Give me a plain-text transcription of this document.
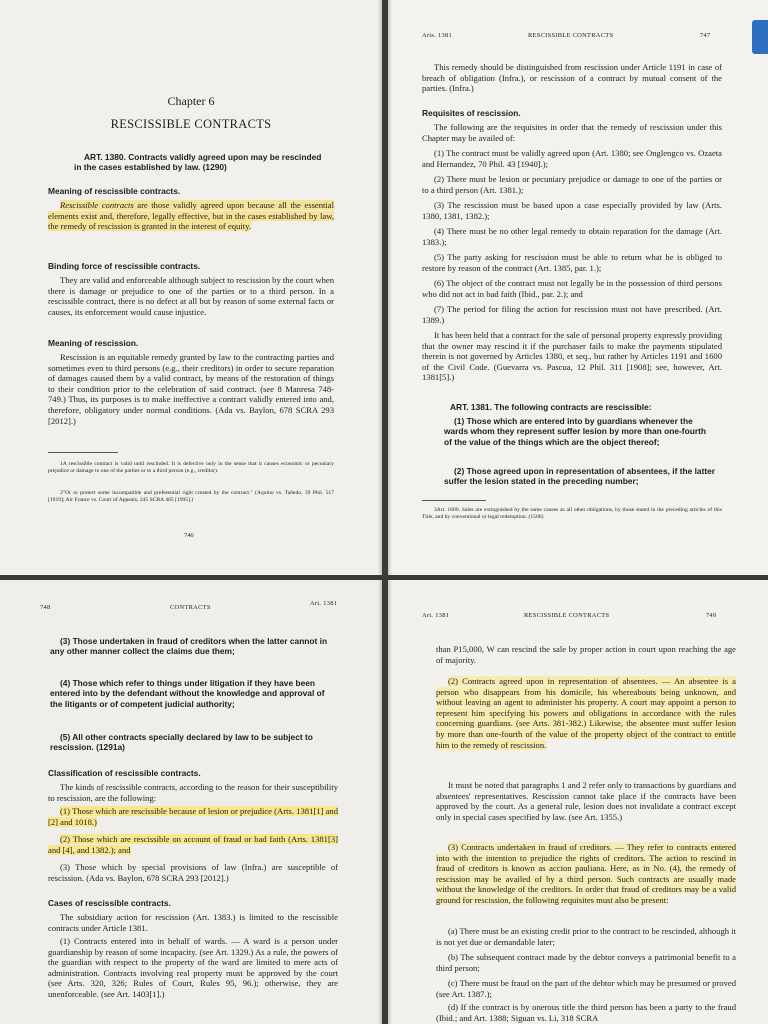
Chapter 6

RESCISSIBLE CONTRACTS

ART. 1380. Contracts validly agreed upon may be rescinded in the cases established by law. (1290)

Meaning of rescissible contracts.

Rescissible contracts are those validly agreed upon because all the essential elements exist and, therefore, legally effective, but in the cases established by law, the remedy of rescission is granted in the interest of equity.

Binding force of rescissible contracts.

They are valid and enforceable although subject to rescission by the court when there is damage or prejudice to one of the parties or to a third person. In a rescissible contract, there is no defect at all but by reason of some external facts or causes, its enforcement would cause injustice.

Meaning of rescission.

Rescission is an equitable remedy granted by law to the contracting parties and sometimes even to third persons (e.g., their creditors) in order to secure reparation of damages caused them by a valid contract, by means of the restoration of things to their condition prior to the celebration of said contract. (see 8 Manresa 748-749.) Thus, its purposes is to make ineffective a contract validly entered into and, therefore, obligatory under normal conditions. (Ada vs. Baylon, 678 SCRA 293 [2012].)

1A rescissible contract is valid until rescinded. It is defective only in the sense that it causes economic or pecuniary prejudice or damage to one of the parties or to a third person (e.g., creditor).

2"Or to protect some incompatible and preferential right created by the contract." (Aquino vs. Tañedo, 39 Phil. 517 [1919]; Air France vs. Court of Appeals, 245 SCRA 485 [1995].)

746

Arts. 1381	RESCISSIBLE CONTRACTS	747

This remedy should be distinguished from rescission under Article 1191 in case of breach of obligation (Infra.), or rescission of a contract by mutual consent of the parties. (Infra.)

Requisites of rescission.

The following are the requisites in order that the remedy of rescission under this Chapter may be availed of:

(1) The contract must be validly agreed upon (Art. 1380; see Onglengco vs. Ozaeta and Hernandez, 70 Phil. 43 [1940].);

(2) There must be lesion or pecuniary prejudice or damage to one of the parties or to a third person (Art. 1381.);

(3) The rescission must be based upon a case especially provided by law (Arts. 1380, 1381, 1382.);

(4) There must be no other legal remedy to obtain reparation for the damage (Art. 1383.);

(5) The party asking for rescission must be able to return what he is obliged to restore by reason of the contract (Art. 1385, par. 1.);

(6) The object of the contract must not legally be in the possession of third persons who did not act in bad faith (Ibid., par. 2.); and

(7) The period for filing the action for rescission must not have prescribed. (Art. 1389.)

It has been held that a contract for the sale of personal property expressly providing that the owner may rescind it if the purchaser fails to make the payments stipulated therein is not governed by Articles 1380, et seq., but rather by Articles 1191 and 1600 of the Civil Code. (Guevarra vs. Pascua, 12 Phil. 311 [1908]; see, however, Art. 1381[5].)

ART. 1381. The following contracts are rescissible:

(1) Those which are entered into by guardians whenever the wards whom they represent suffer lesion by more than one-fourth of the value of the things which are the object thereof;

(2) Those agreed upon in representation of absentees, if the latter suffer the lesion stated in the preceding number;

3Art. 1600. Sales are extinguished by the same causes as all other obligations, by those stated in the preceding articles of this Title, and by conventional or legal redemption. (1506)

748	CONTRACTS

Art. 1381

(3) Those undertaken in fraud of creditors when the latter cannot in any other manner collect the claims due them;

(4) Those which refer to things under litigation if they have been entered into by the defendant without the knowledge and approval of the litigants or of competent judicial authority;

(5) All other contracts specially declared by law to be subject to rescission. (1291a)

Classification of rescissible contracts.

The kinds of rescissible contracts, according to the reason for their susceptibility to rescission, are the following:

(1) Those which are rescissible because of lesion or prejudice (Arts. 1381[1] and [2] and 1018.)

(2) Those which are rescissible on account of fraud or bad faith (Arts. 1381[3] and [4], and 1382.); and

(3) Those which by special provisions of law (Infra.) are susceptible of rescission. (Ada vs. Baylon, 678 SCRA 293 [2012].)

Cases of rescissible contracts.

The subsidiary action for rescission (Art. 1383.) is limited to the rescissible contracts under Article 1381.

(1) Contracts entered into in behalf of wards. — A ward is a person under guardianship by reason of some incapacity. (see Art. 1329.) As a rule, the powers of the guardian with respect to the property of the ward are limited to mere acts of administration. Contracts involving real property must be approved by the court (see Arts. 320, 326; Rules of Court, Rules 95, 96.); otherwise, they are unenforceable. (see Art. 1403[1].)

Art. 1381	RESCISSIBLE CONTRACTS	749

than P15,000, W can rescind the sale by proper action in court upon reaching the age of majority.

(2) Contracts agreed upon in representation of absentees. — An absentee is a person who disappears from his domicile, his whereabouts being unknown, and without leaving an agent to administer his property. A court may appoint a person to represent him specifying his powers and obligations in accordance with the rules concerning guardians. (see Arts. 381-382.) Likewise, the absentee must suffer lesion by more than one-fourth of the value of the property object of the contract to entitle him to the remedy of rescission.

It must be noted that paragraphs 1 and 2 refer only to transactions by guardians and absentees' representatives. Rescission cannot take place if the contracts have been approved by the court. As a general rule, lesion does not invalidate a contract except only in special cases specified by law. (see Art. 1355.)

(3) Contracts undertaken in fraud of creditors. — They refer to contracts entered into with the intention to prejudice the rights of creditors. The action to rescind in fraud of creditors is known as accion pauliana. Here, as in No. (4), the remedy of rescission may be availed of by a third person. Such contracts are usually made without the knowledge of the creditors. In order that fraud of creditors may be a valid ground for rescission, the following requisites must also be present:

(a) There must be an existing credit prior to the contract to be rescinded, although it is not yet due or demandable later;

(b) The subsequent contract made by the debtor conveys a patrimonial benefit to a third person;

(c) There must be fraud on the part of the debtor which may be presumed or proved (see Art. 1387.);

(d) If the contract is by onerous title the third person has been a party to the fraud (Ibid.; and Art. 1388; Siguan vs. Li, 318 SCRA
